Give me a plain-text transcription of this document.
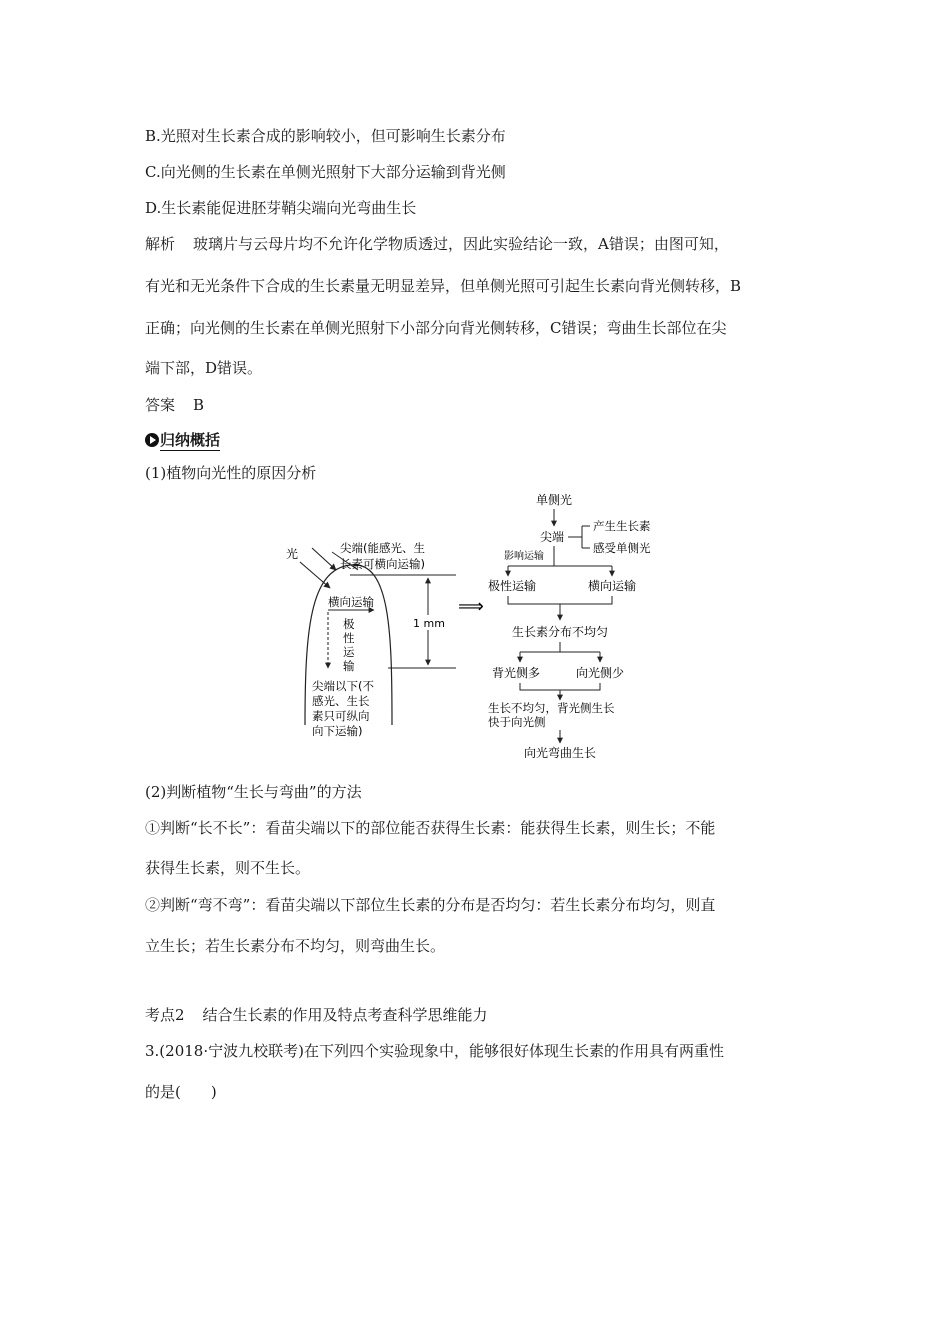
B.光照对生长素合成的影响较小，但可影响生长素分布
C.向光侧的生长素在单侧光照射下大部分运输到背光侧
D.生长素能促进胚芽鞘尖端向光弯曲生长
解析 玻璃片与云母片均不允许化学物质透过，因此实验结论一致，A错误；由图可知，
有光和无光条件下合成的生长素量无明显差异，但单侧光照可引起生长素向背光侧转移，B
正确；向光侧的生长素在单侧光照射下小部分向背光侧转移，C错误；弯曲生长部位在尖
端下部，D错误。
答案 B
归纳概括
(1)植物向光性的原因分析
光	尖端(能感光、生
长素可横向运输)
1 mm
横向运输
极
性
运
输
尖端以下(不
感光、生长
素只可纵向
向下运输)
⟹
单侧光
尖端
产生生长素
感受单侧光
影响运输
极性运输	横向运输
生长素分布不均匀
背光侧多	向光侧少
生长不均匀，背光侧生长
快于向光侧
向光弯曲生长
(2)判断植物“生长与弯曲”的方法
①判断“长不长”：看苗尖端以下的部位能否获得生长素：能获得生长素，则生长；不能
获得生长素，则不生长。
②判断“弯不弯”：看苗尖端以下部位生长素的分布是否均匀：若生长素分布均匀，则直
立生长；若生长素分布不均匀，则弯曲生长。
考点2 结合生长素的作用及特点考查科学思维能力
3.(2018·宁波九校联考)在下列四个实验现象中，能够很好体现生长素的作用具有两重性
的是(　　)
